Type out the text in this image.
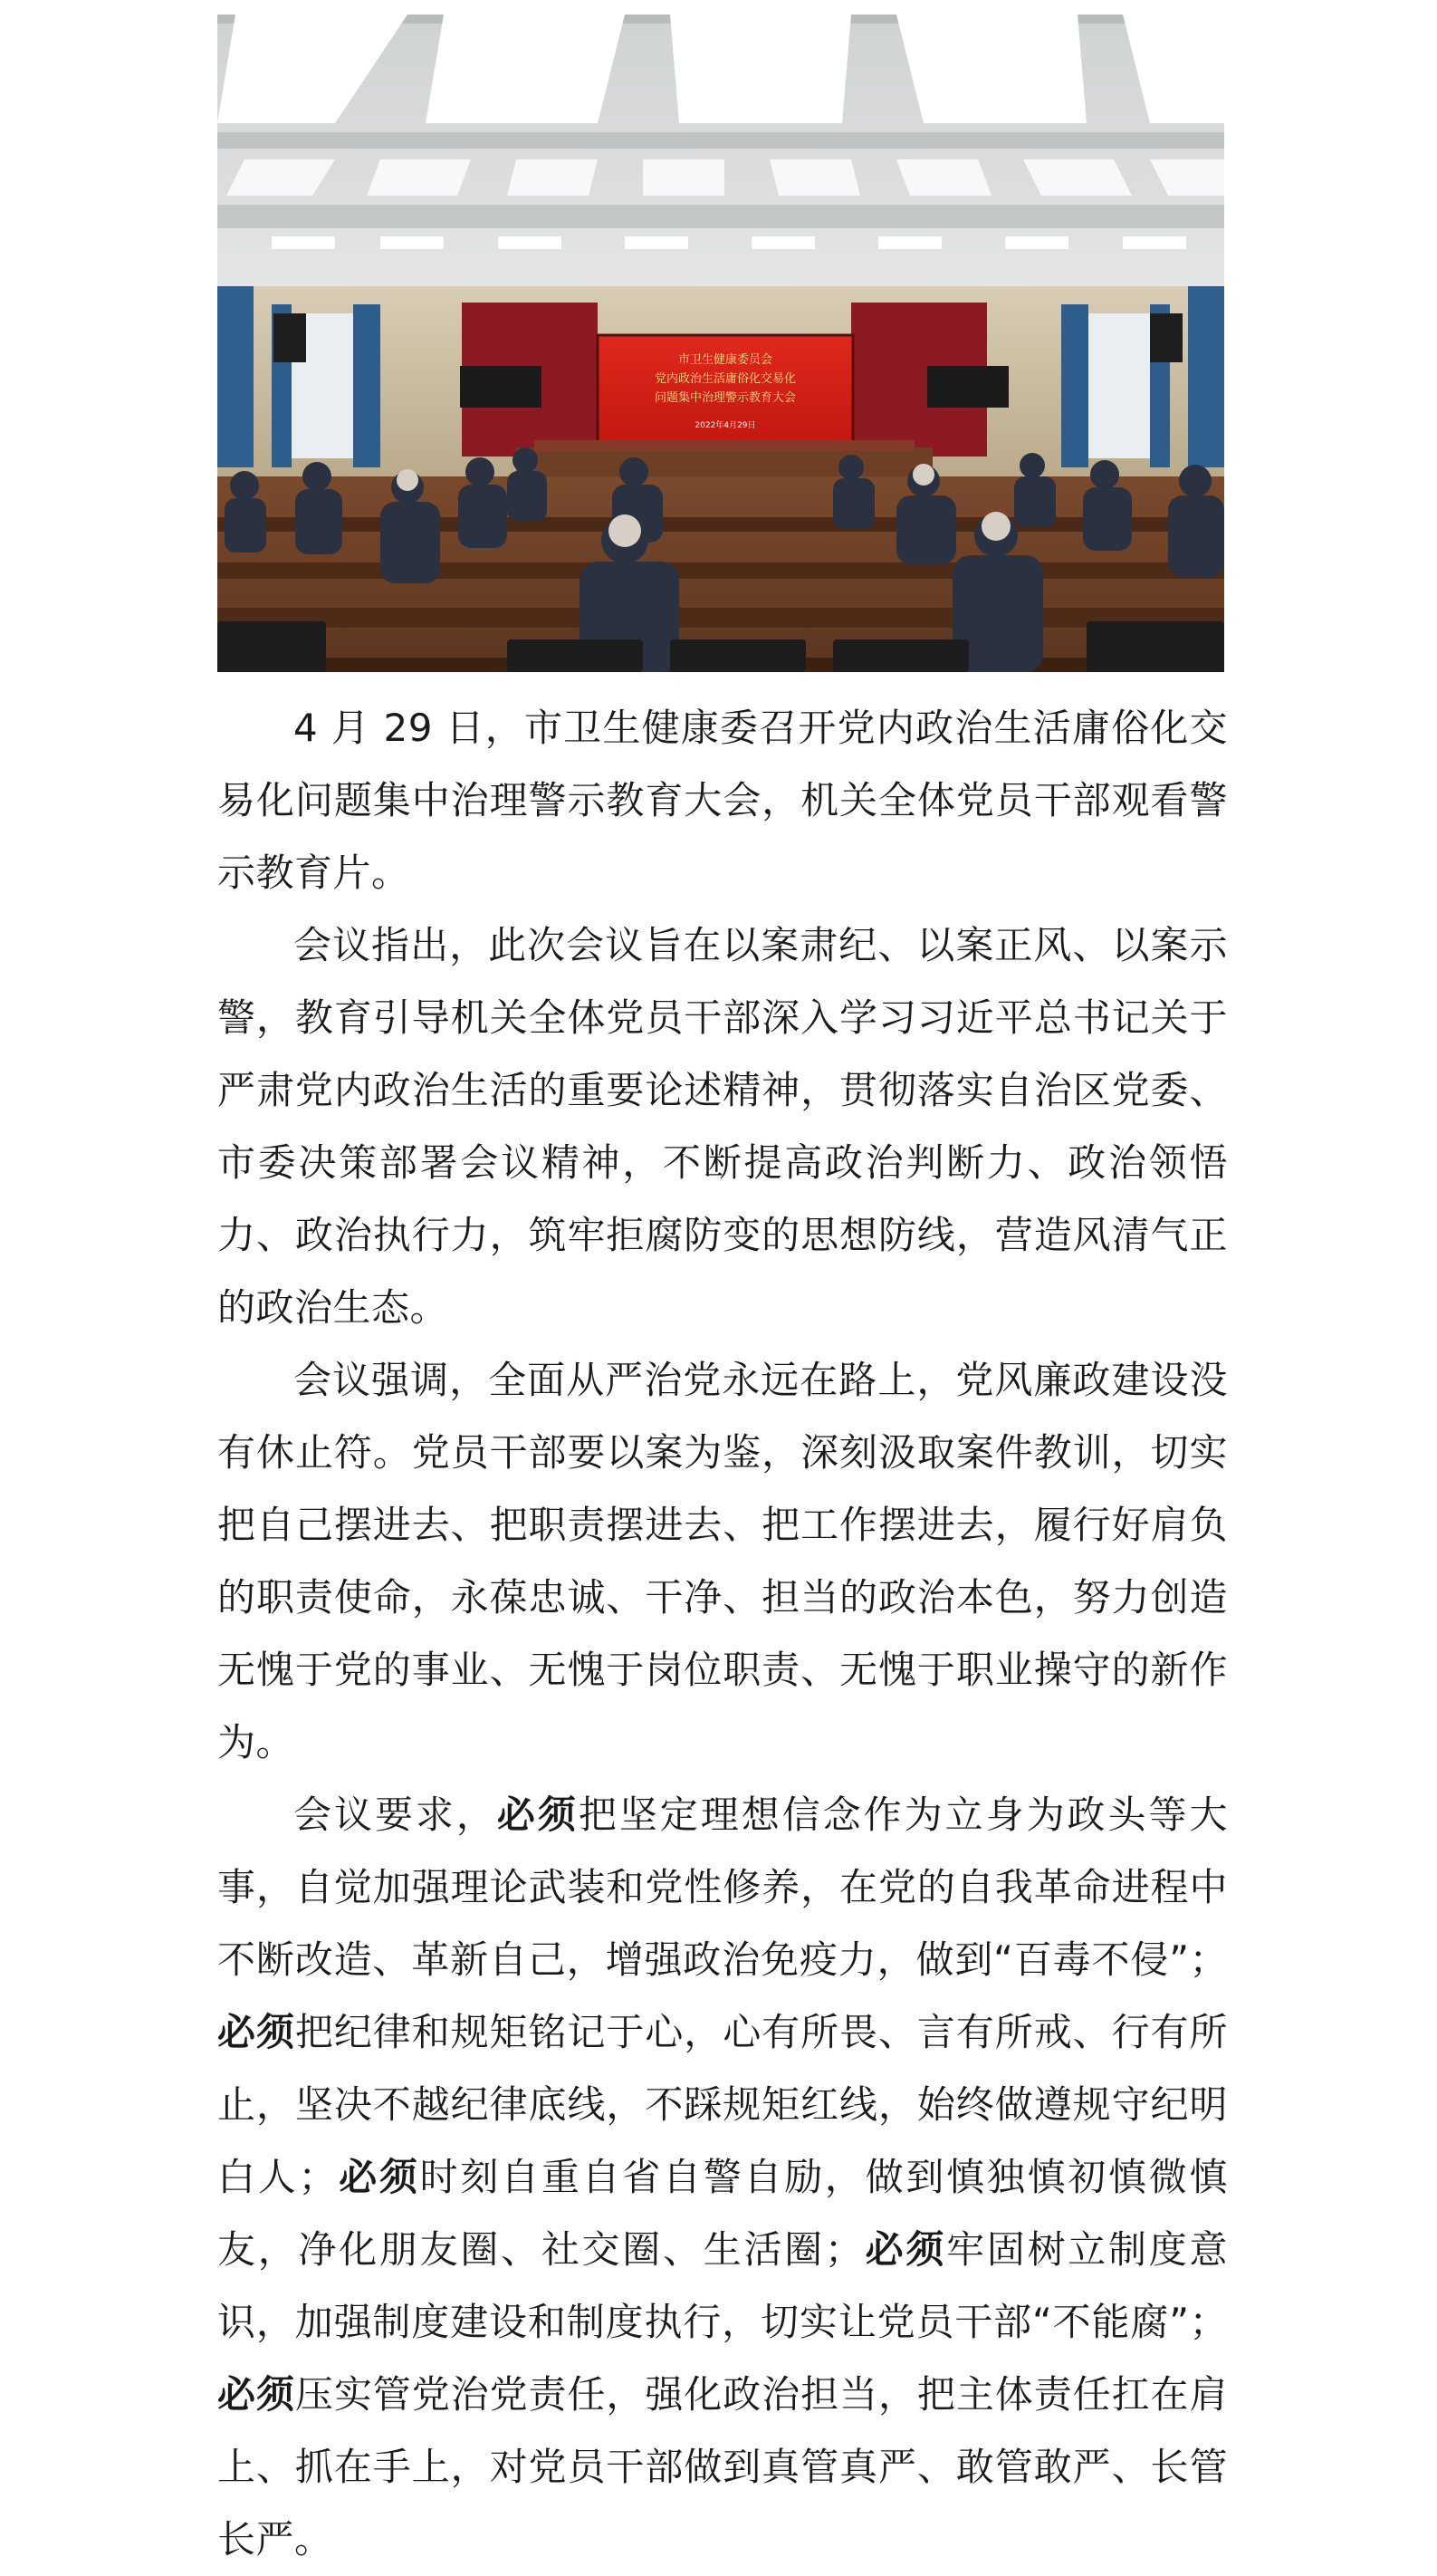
市卫生健康委员会
党内政治生活庸俗化交易化
问题集中治理警示教育大会
2022年4月29日

4 月 29 日，市卫生健康委召开党内政治生活庸俗化交易化问题集中治理警示教育大会，机关全体党员干部观看警示教育片。

会议指出，此次会议旨在以案肃纪、以案正风、以案示警，教育引导机关全体党员干部深入学习习近平总书记关于严肃党内政治生活的重要论述精神，贯彻落实自治区党委、市委决策部署会议精神，不断提高政治判断力、政治领悟力、政治执行力，筑牢拒腐防变的思想防线，营造风清气正的政治生态。

会议强调，全面从严治党永远在路上，党风廉政建设没有休止符。党员干部要以案为鉴，深刻汲取案件教训，切实把自己摆进去、把职责摆进去、把工作摆进去，履行好肩负的职责使命，永葆忠诚、干净、担当的政治本色，努力创造无愧于党的事业、无愧于岗位职责、无愧于职业操守的新作为。

会议要求，必须把坚定理想信念作为立身为政头等大事，自觉加强理论武装和党性修养，在党的自我革命进程中不断改造、革新自己，增强政治免疫力，做到“百毒不侵”；必须把纪律和规矩铭记于心，心有所畏、言有所戒、行有所止，坚决不越纪律底线，不踩规矩红线，始终做遵规守纪明白人；必须时刻自重自省自警自励，做到慎独慎初慎微慎友，净化朋友圈、社交圈、生活圈；必须牢固树立制度意识，加强制度建设和制度执行，切实让党员干部“不能腐”；必须压实管党治党责任，强化政治担当，把主体责任扛在肩上、抓在手上，对党员干部做到真管真严、敢管敢严、长管长严。
